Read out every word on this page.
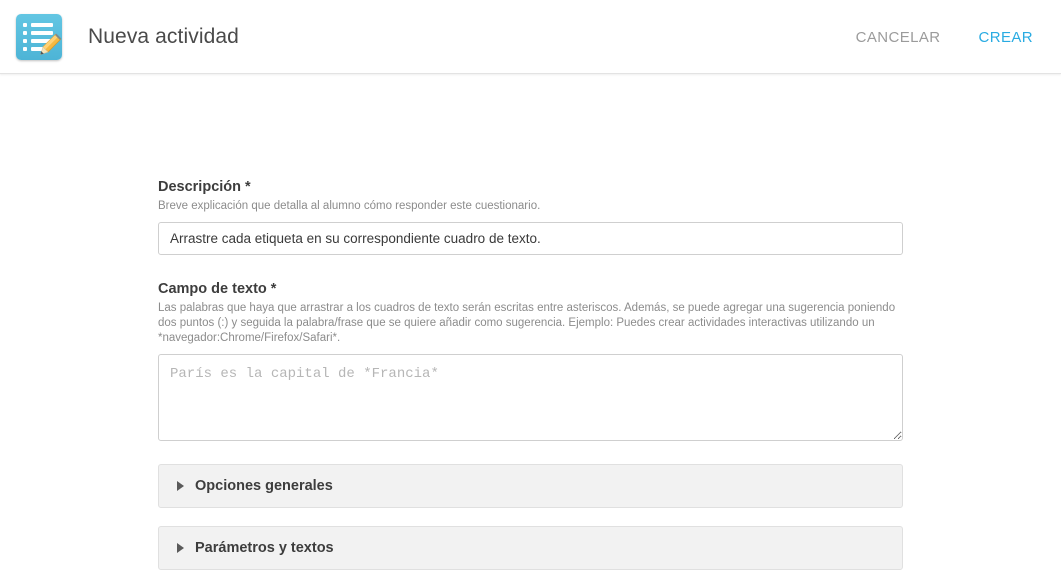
Nueva actividad	CANCELAR	CREAR
Descripción *
Breve explicación que detalla al alumno cómo responder este cuestionario.
Arrastre cada etiqueta en su correspondiente cuadro de texto.
Campo de texto *
Las palabras que haya que arrastrar a los cuadros de texto serán escritas entre asteriscos. Además, se puede agregar una sugerencia poniendo dos puntos (:) y seguida la palabra/frase que se quiere añadir como sugerencia. Ejemplo: Puedes crear actividades interactivas utilizando un *navegador:Chrome/Firefox/Safari*.
París es la capital de *Francia*
Opciones generales
Parámetros y textos
